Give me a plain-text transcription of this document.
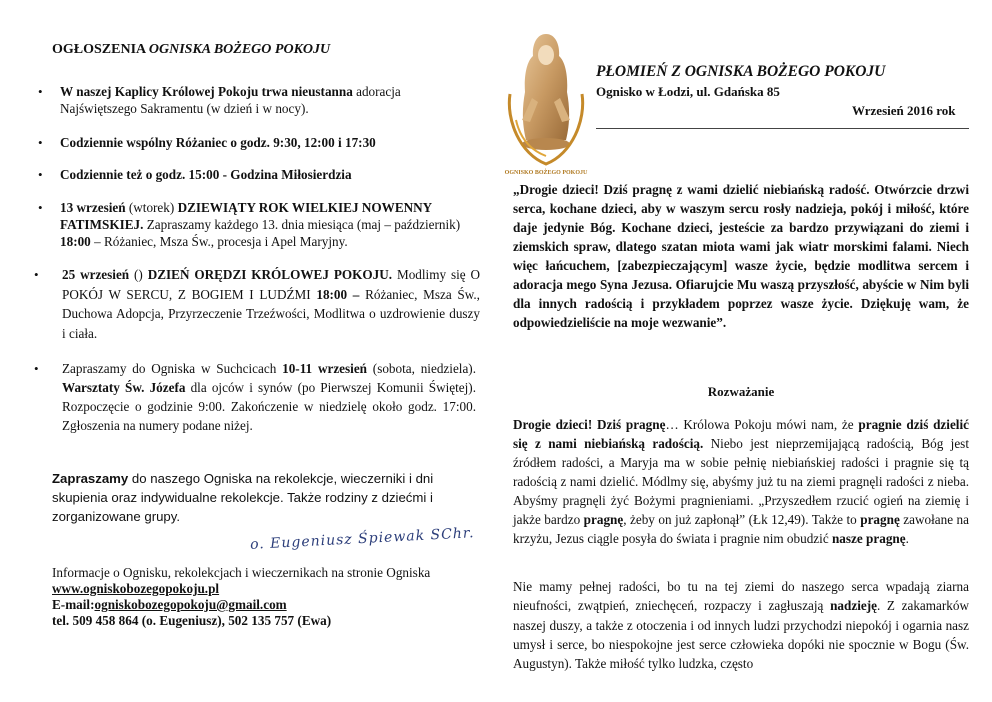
OGŁOSZENIA OGNISKA BOŻEGO POKOJU
• W naszej Kaplicy Królowej Pokoju trwa nieustanna adoracja Najświętszego Sakramentu (w dzień i w nocy).
• Codziennie wspólny Różaniec o godz. 9:30, 12:00 i 17:30
• Codziennie też o godz. 15:00 - Godzina Miłosierdzia
• 13 wrzesień (wtorek) DZIEWIĄTY ROK WIELKIEJ NOWENNY FATIMSKIEJ. Zapraszamy każdego 13. dnia miesiąca (maj – październik) 18:00 – Różaniec, Msza Św., procesja i Apel Maryjny.
• 25 wrzesień () DZIEŃ ORĘDZI KRÓLOWEJ POKOJU. Modlimy się O POKÓJ W SERCU, Z BOGIEM I LUDŹMI 18:00 – Różaniec, Msza Św., Duchowa Adopcja, Przyrzeczenie Trzeźwości, Modlitwa o uzdrowienie duszy i ciała.
• Zapraszamy do Ogniska w Suchcicach 10-11 wrzesień (sobota, niedziela). Warsztaty Św. Józefa dla ojców i synów (po Pierwszej Komunii Świętej). Rozpoczęcie o godzinie 9:00. Zakończenie w niedzielę około godz. 17:00. Zgłoszenia na numery podane niżej.
Zapraszamy do naszego Ogniska na rekolekcje, wieczerniki i dni skupienia oraz indywidualne rekolekcje. Także rodziny z dziećmi i zorganizowane grupy.
o. Eugeniusz Śpiewak SChr.
Informacje o Ognisku, rekolekcjach i wieczernikach na stronie Ogniska
www.ogniskobozegopokoju.pl
E-mail:ogniskobozegopokoju@gmail.com
tel. 509 458 864 (o. Eugeniusz), 502 135 757 (Ewa)
OGNISKO BOŻEGO POKOJU
PŁOMIEŃ Z OGNISKA BOŻEGO POKOJU
Ognisko w Łodzi, ul. Gdańska 85
Wrzesień 2016 rok
„Drogie dzieci! Dziś pragnę z wami dzielić niebiańską radość. Otwórzcie drzwi serca, kochane dzieci, aby w waszym sercu rosły nadzieja, pokój i miłość, które daje jedynie Bóg. Kochane dzieci, jesteście za bardzo przywiązani do ziemi i ziemskich spraw, dlatego szatan miota wami jak wiatr morskimi falami. Niech więc łańcuchem, [zabezpieczającym] wasze życie, będzie modlitwa sercem i adoracja mego Syna Jezusa. Ofiarujcie Mu waszą przyszłość, abyście w Nim byli dla innych radością i przykładem poprzez wasze życie. Dziękuję wam, że odpowiedzieliście na moje wezwanie”.
Rozważanie
Drogie dzieci! Dziś pragnę… Królowa Pokoju mówi nam, że pragnie dziś dzielić się z nami niebiańską radością. Niebo jest nieprzemijającą radością, Bóg jest źródłem radości, a Maryja ma w sobie pełnię niebiańskiej radości i pragnie się tą radością z nami dzielić. Módlmy się, abyśmy już tu na ziemi pragnęli radości z nieba. Abyśmy pragnęli żyć Bożymi pragnieniami. „Przyszedłem rzucić ogień na ziemię i jakże bardzo pragnę, żeby on już zapłonął” (Łk 12,49). Także to pragnę zawołane na krzyżu, Jezus ciągle posyła do świata i pragnie nim obudzić nasze pragnę.
Nie mamy pełnej radości, bo tu na tej ziemi do naszego serca wpadają ziarna nieufności, zwątpień, zniechęceń, rozpaczy i zagłuszają nadzieję. Z zakamarków naszej duszy, a także z otoczenia i od innych ludzi przychodzi niepokój i ogarnia nasz umysł i serce, bo niespokojne jest serce człowieka dopóki nie spocznie w Bogu (Św. Augustyn). Także miłość tylko ludzka, często
